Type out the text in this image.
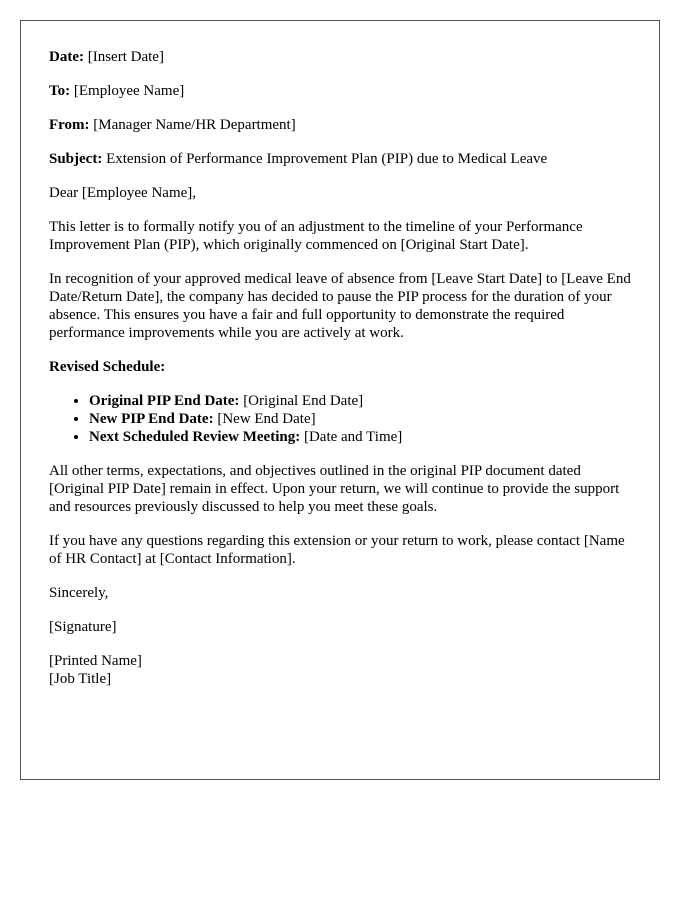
Date: [Insert Date]

To: [Employee Name]

From: [Manager Name/HR Department]

Subject: Extension of Performance Improvement Plan (PIP) due to Medical Leave

Dear [Employee Name],

This letter is to formally notify you of an adjustment to the timeline of your Performance Improvement Plan (PIP), which originally commenced on [Original Start Date].

In recognition of your approved medical leave of absence from [Leave Start Date] to [Leave End Date/Return Date], the company has decided to pause the PIP process for the duration of your absence. This ensures you have a fair and full opportunity to demonstrate the required performance improvements while you are actively at work.

Revised Schedule:

• Original PIP End Date: [Original End Date]
• New PIP End Date: [New End Date]
• Next Scheduled Review Meeting: [Date and Time]

All other terms, expectations, and objectives outlined in the original PIP document dated [Original PIP Date] remain in effect. Upon your return, we will continue to provide the support and resources previously discussed to help you meet these goals.

If you have any questions regarding this extension or your return to work, please contact [Name of HR Contact] at [Contact Information].

Sincerely,

[Signature]

[Printed Name]

[Job Title]
